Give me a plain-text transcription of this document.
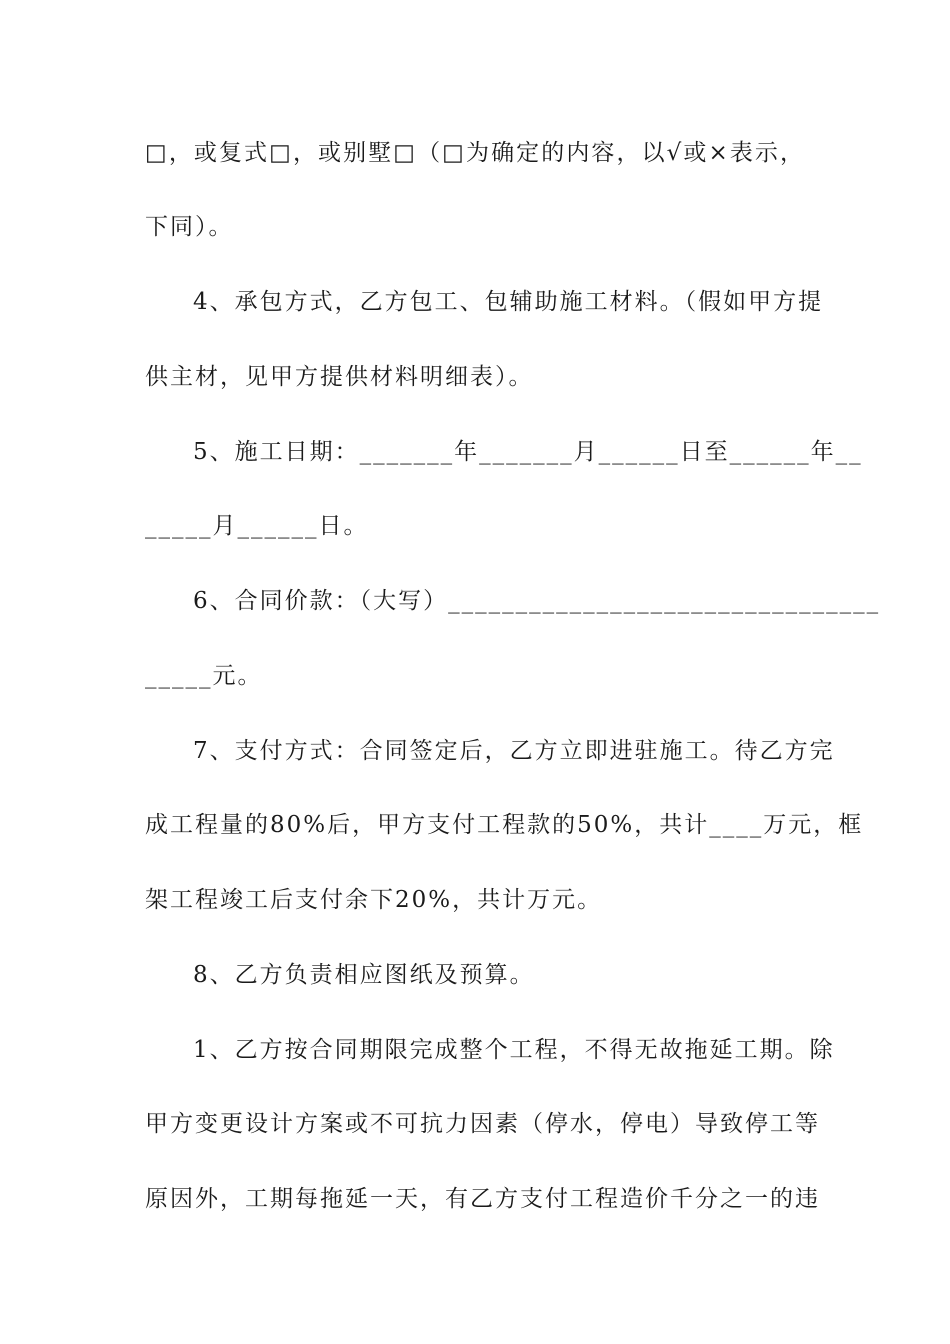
□，或复式□，或别墅□（□为确定的内容，以√或×表示，
下同）。
4、承包方式，乙方包工、包辅助施工材料。（假如甲方提
供主材，见甲方提供材料明细表）。
5、施工日期：_______年_______月______日至______年__
_____月______日。
6、合同价款：（大写）________________________________
_____元。
7、支付方式：合同签定后，乙方立即进驻施工。待乙方完
成工程量的80%后，甲方支付工程款的50%，共计____万元，框
架工程竣工后支付余下20%，共计万元。
8、乙方负责相应图纸及预算。
1、乙方按合同期限完成整个工程，不得无故拖延工期。除
甲方变更设计方案或不可抗力因素（停水，停电）导致停工等
原因外，工期每拖延一天，有乙方支付工程造价千分之一的违
